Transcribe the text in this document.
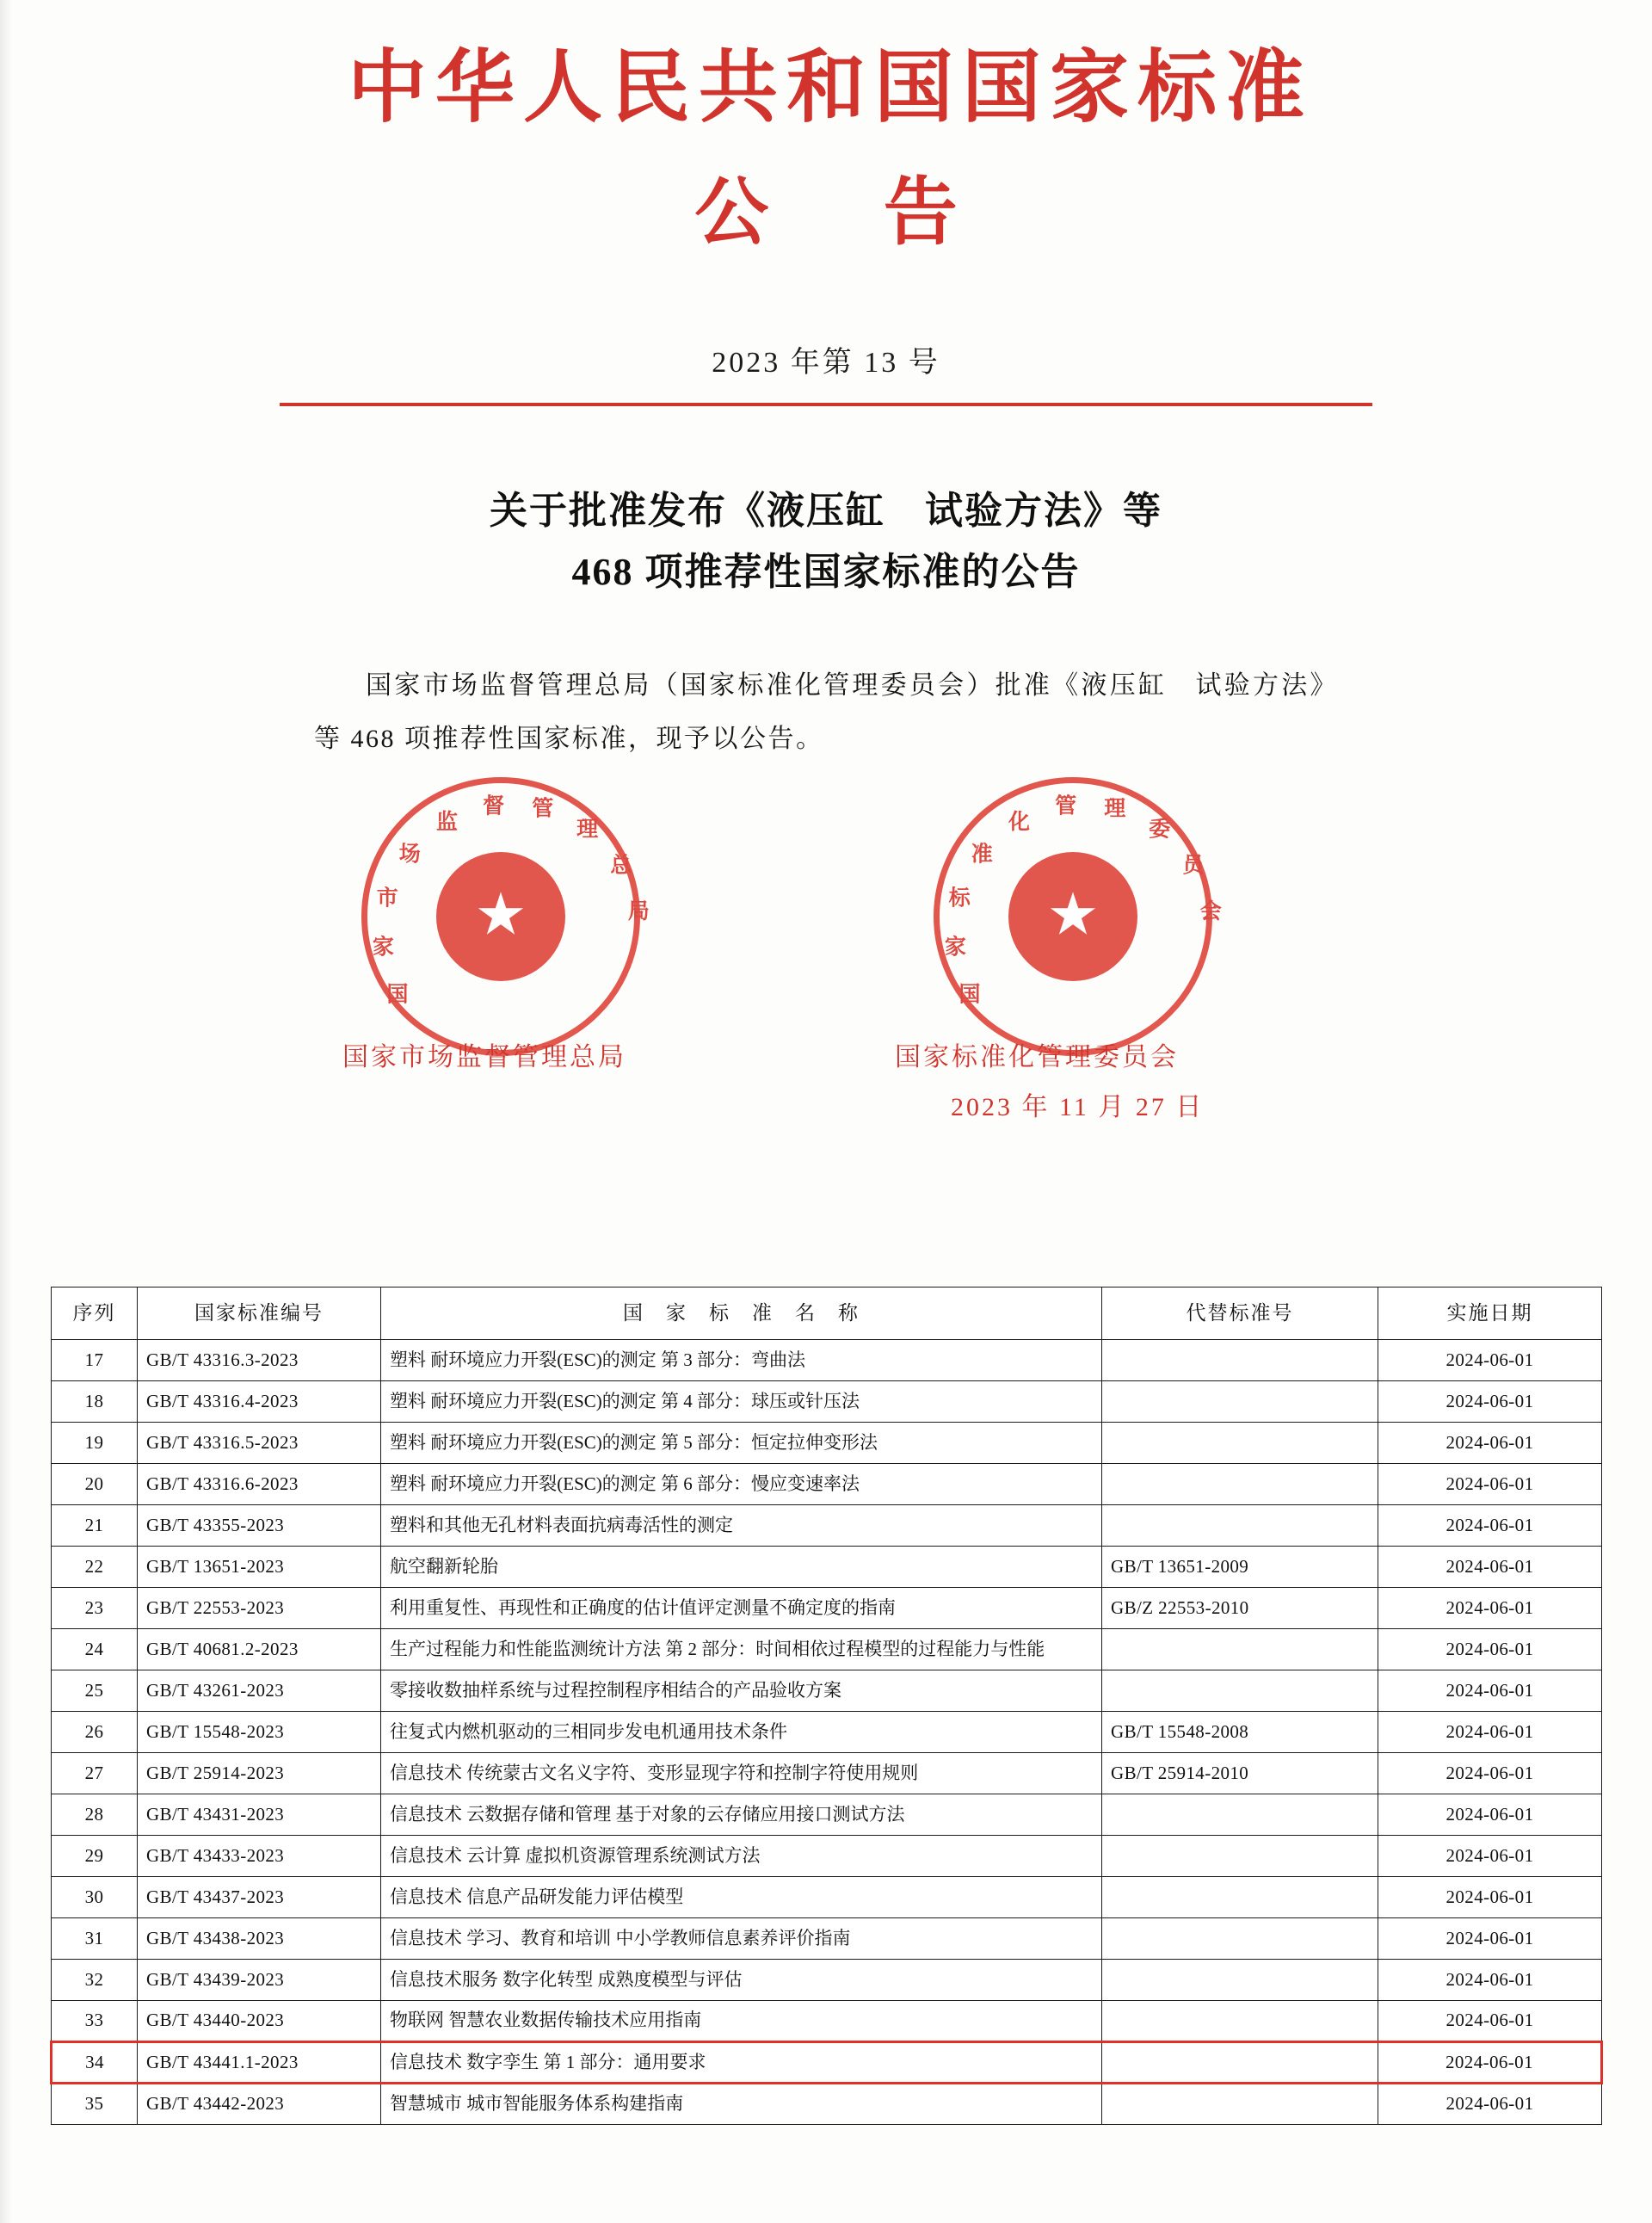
中华人民共和国国家标准
公 告
2023 年第 13 号
关于批准发布《液压缸　试验方法》等
468 项推荐性国家标准的公告
国家市场监督管理总局（国家标准化管理委员会）批准《液压缸　试验方法》等 468 项推荐性国家标准，现予以公告。
国
家
市
场
监
督 管
理
总
局
★
国
家
标
准
化
管 理
委
员
会
★
国家市场监督管理总局	国家标准化管理委员会
2023 年 11 月 27 日
序列	国家标准编号	国　家　标　准　名　称	代替标准号	实施日期
17	GB/T 43316.3-2023	塑料 耐环境应力开裂(ESC)的测定 第 3 部分：弯曲法		2024-06-01
18	GB/T 43316.4-2023	塑料 耐环境应力开裂(ESC)的测定 第 4 部分：球压或针压法		2024-06-01
19	GB/T 43316.5-2023	塑料 耐环境应力开裂(ESC)的测定 第 5 部分：恒定拉伸变形法		2024-06-01
20	GB/T 43316.6-2023	塑料 耐环境应力开裂(ESC)的测定 第 6 部分：慢应变速率法		2024-06-01
21	GB/T 43355-2023	塑料和其他无孔材料表面抗病毒活性的测定		2024-06-01
22	GB/T 13651-2023	航空翻新轮胎	GB/T 13651-2009	2024-06-01
23	GB/T 22553-2023	利用重复性、再现性和正确度的估计值评定测量不确定度的指南	GB/Z 22553-2010	2024-06-01
24	GB/T 40681.2-2023	生产过程能力和性能监测统计方法 第 2 部分：时间相依过程模型的过程能力与性能		2024-06-01
25	GB/T 43261-2023	零接收数抽样系统与过程控制程序相结合的产品验收方案		2024-06-01
26	GB/T 15548-2023	往复式内燃机驱动的三相同步发电机通用技术条件	GB/T 15548-2008	2024-06-01
27	GB/T 25914-2023	信息技术 传统蒙古文名义字符、变形显现字符和控制字符使用规则	GB/T 25914-2010	2024-06-01
28	GB/T 43431-2023	信息技术 云数据存储和管理 基于对象的云存储应用接口测试方法		2024-06-01
29	GB/T 43433-2023	信息技术 云计算 虚拟机资源管理系统测试方法		2024-06-01
30	GB/T 43437-2023	信息技术 信息产品研发能力评估模型		2024-06-01
31	GB/T 43438-2023	信息技术 学习、教育和培训 中小学教师信息素养评价指南		2024-06-01
32	GB/T 43439-2023	信息技术服务 数字化转型 成熟度模型与评估		2024-06-01
33	GB/T 43440-2023	物联网 智慧农业数据传输技术应用指南		2024-06-01
34	GB/T 43441.1-2023	信息技术 数字孪生 第 1 部分：通用要求		2024-06-01
35	GB/T 43442-2023	智慧城市 城市智能服务体系构建指南		2024-06-01
